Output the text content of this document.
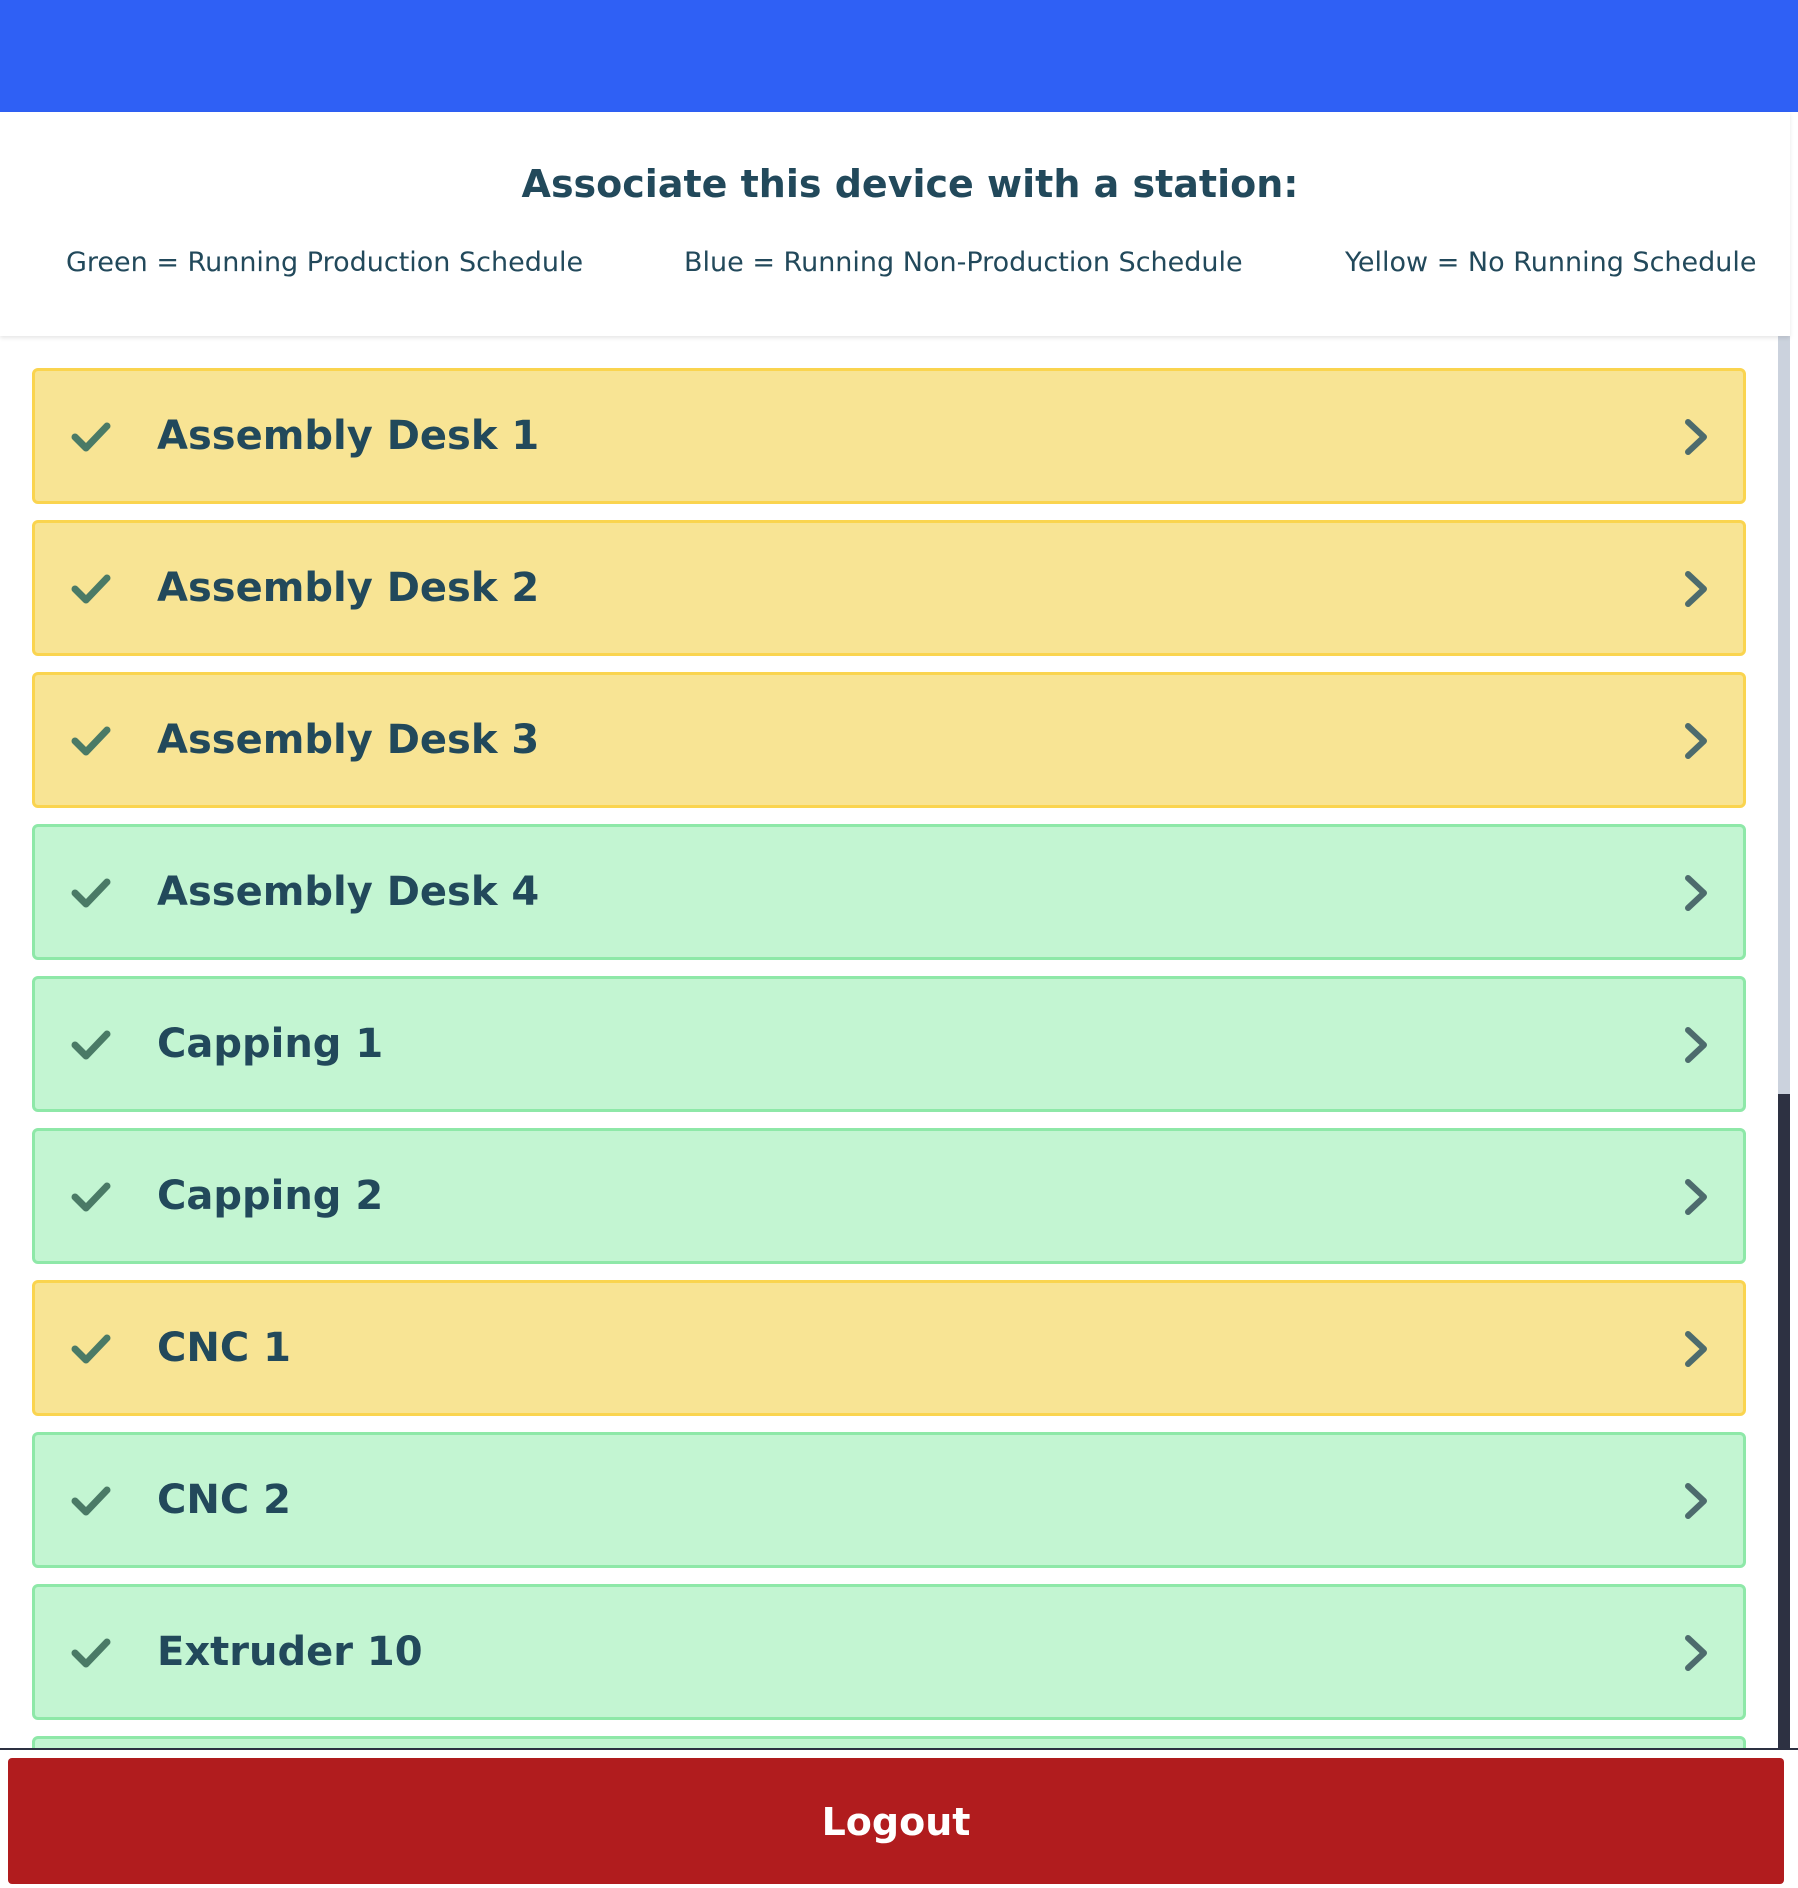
Associate this device with a station:
Green = Running Production Schedule	Blue = Running Non-Production Schedule	Yellow = No Running Schedule
Assembly Desk 1
Assembly Desk 2
Assembly Desk 3
Assembly Desk 4
Capping 1
Capping 2
CNC 1
CNC 2
Extruder 10
Logout
